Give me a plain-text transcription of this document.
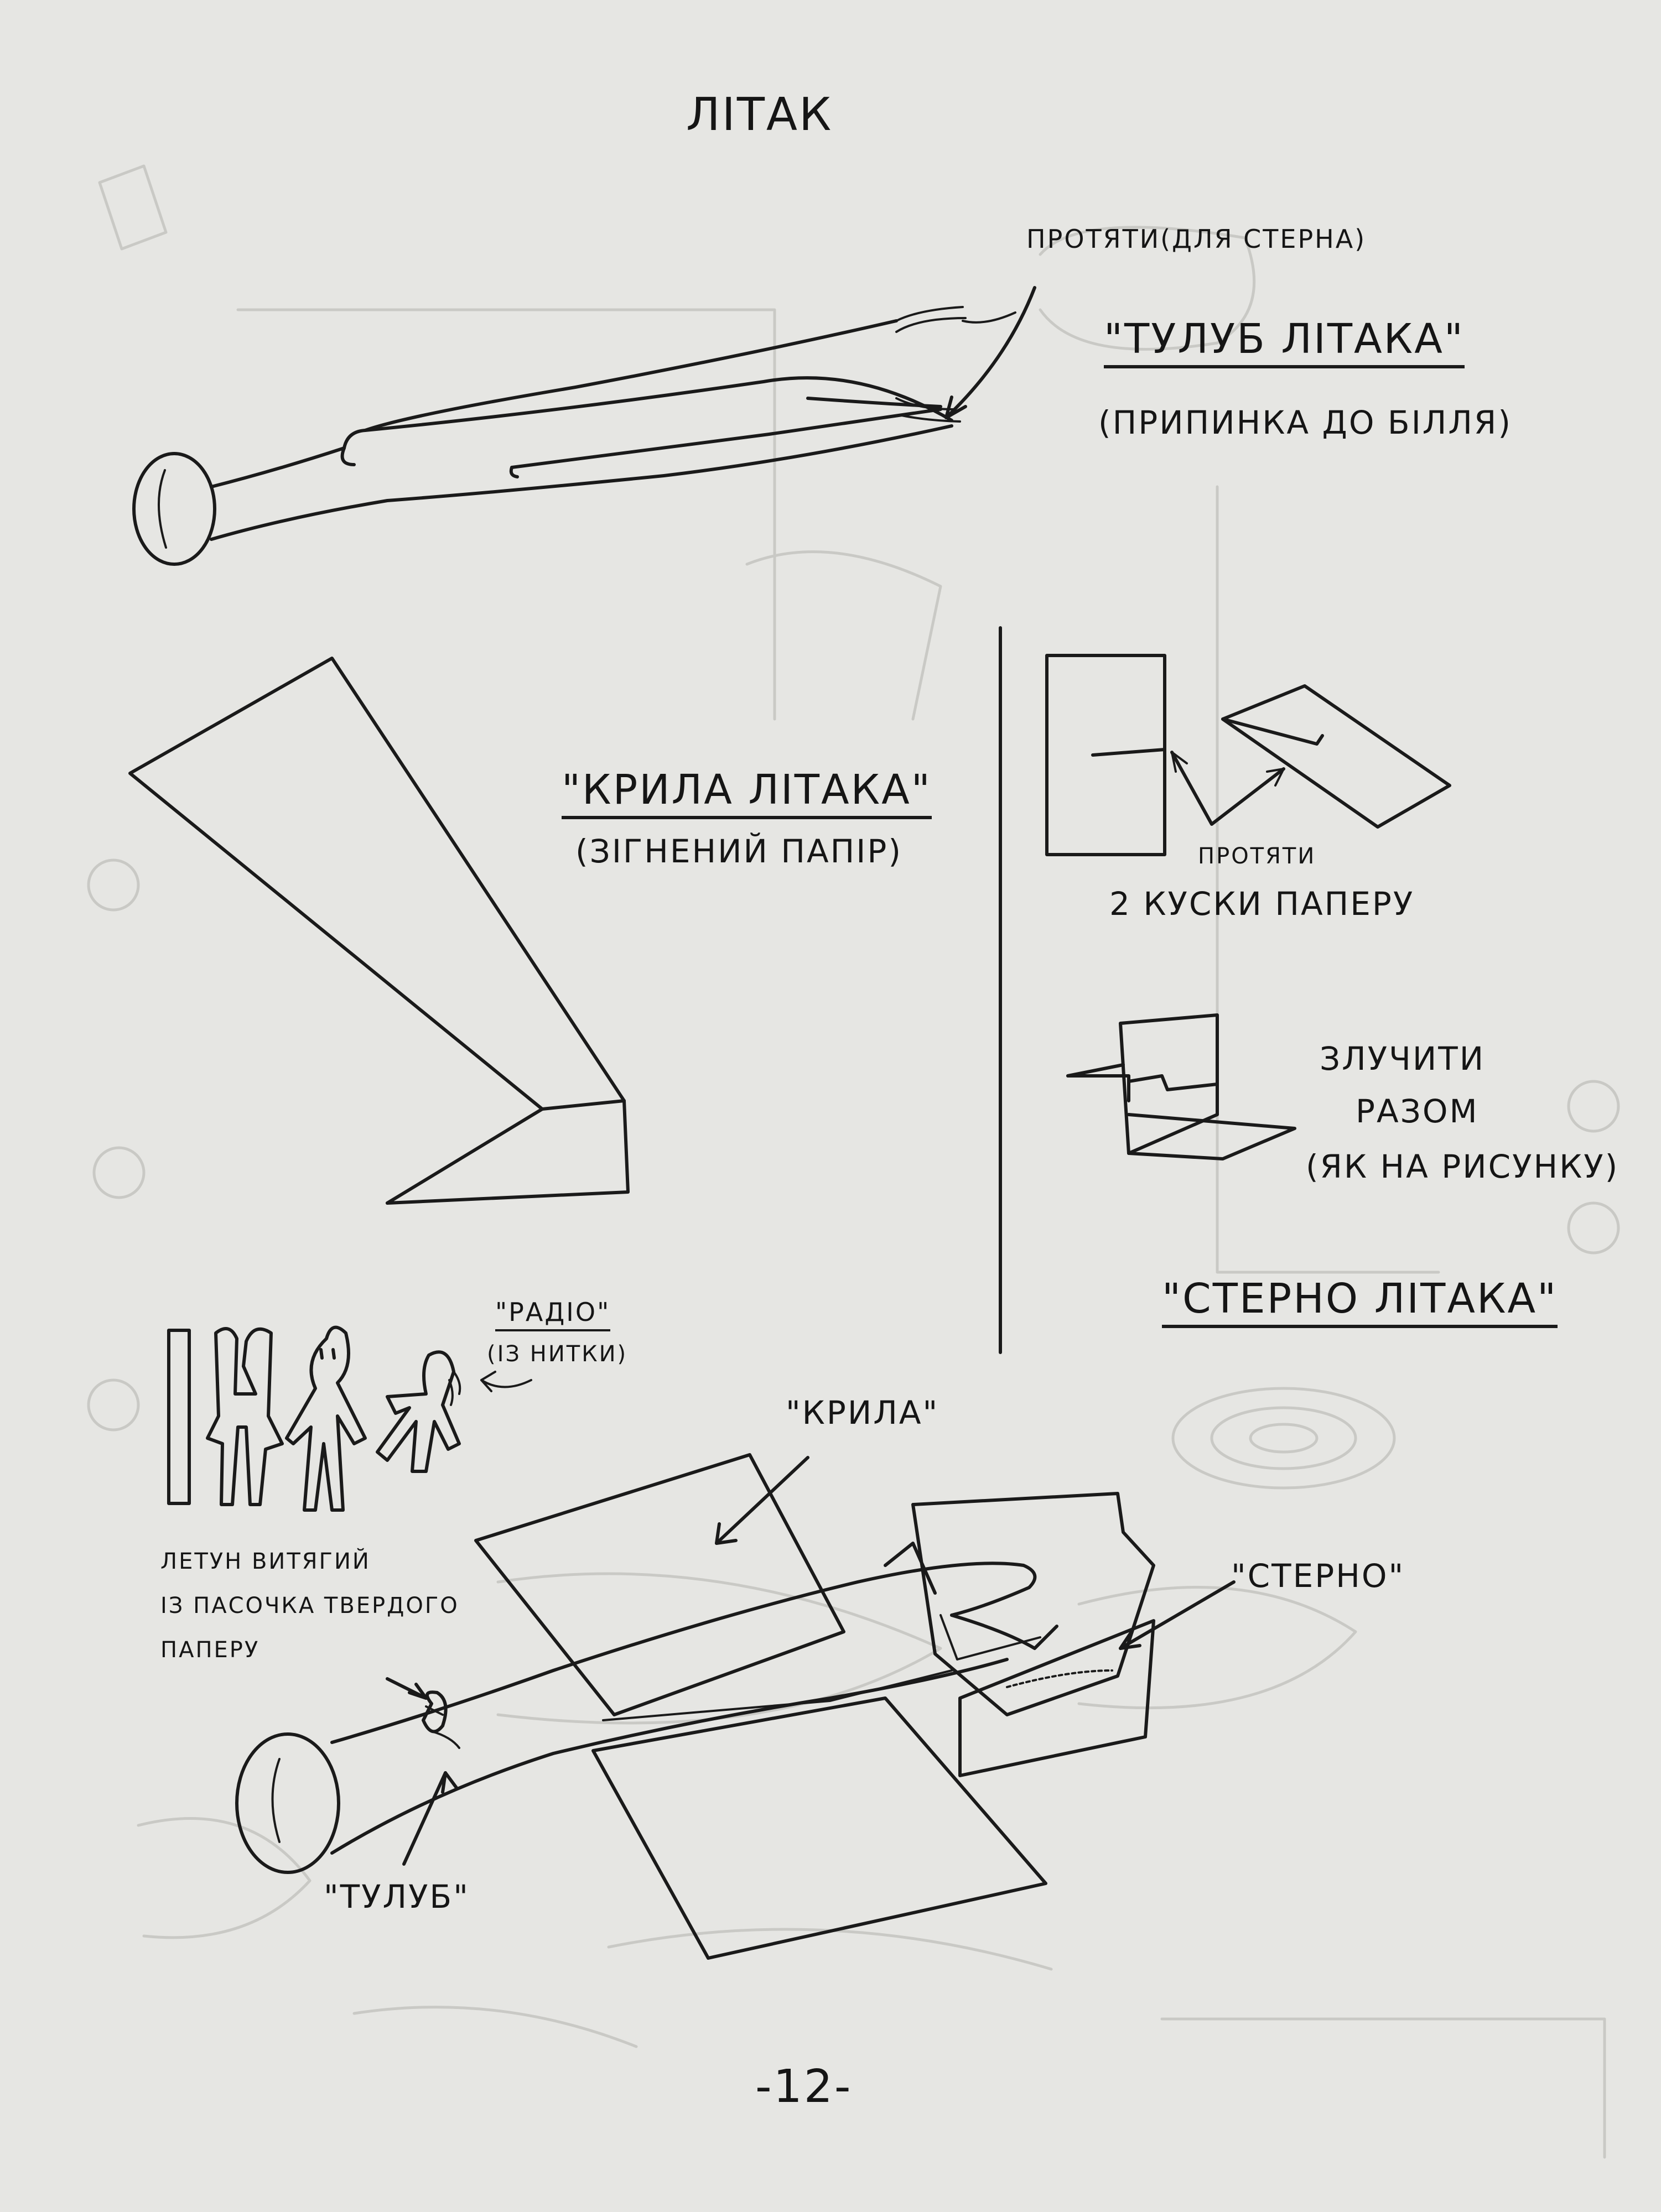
ЛІТАК
ПРОТЯТИ(ДЛЯ СТЕРНА)
"ТУЛУБ ЛІТАКА"
(ПРИПИНКА ДО БІЛЛЯ)
"КРИЛА ЛІТАКА"
(ЗІГНЕНИЙ ПАПІР)	ПРОТЯТИ
2 КУСКИ ПАПЕРУ
ЗЛУЧИТИ
РАЗОМ
(ЯК НА РИСУНКУ)
"СТЕРНО ЛІТАКА"
"РАДІО"
(ІЗ НИТКИ)
ЛЕТУН ВИТЯГИЙ
ІЗ ПАСОЧКА ТВЕРДОГО
ПАПЕРУ
"КРИЛА"
"СТЕРНО"
"ТУЛУБ"
-12-
